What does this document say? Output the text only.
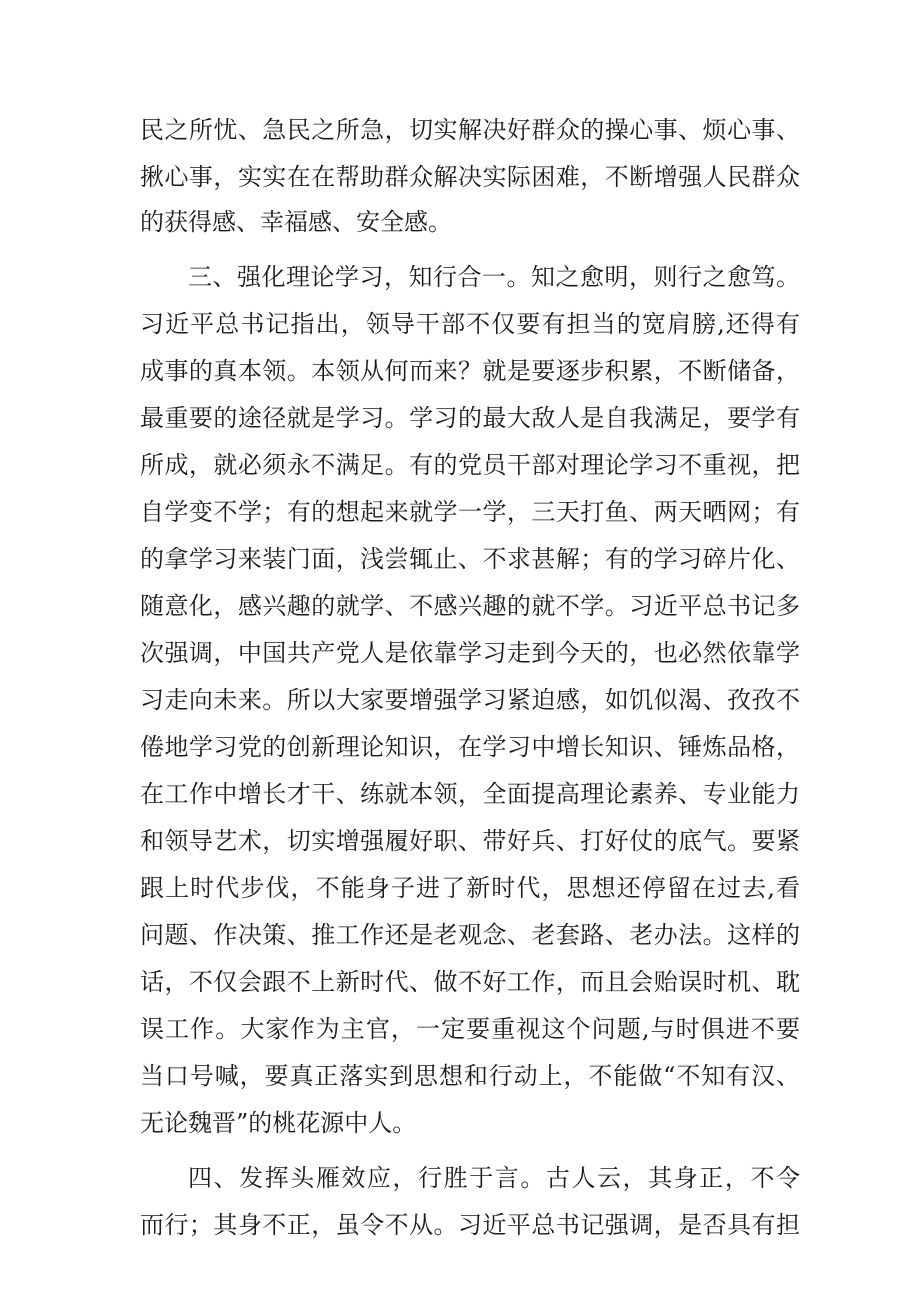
民之所忧、急民之所急，切实解决好群众的操心事、烦心事、
揪心事，实实在在帮助群众解决实际困难，不断增强人民群众
的获得感、幸福感、安全感。
三、强化理论学习，知行合一。知之愈明，则行之愈笃。
习近平总书记指出，领导干部不仅要有担当的宽肩膀,还得有
成事的真本领。本领从何而来？就是要逐步积累，不断储备，
最重要的途径就是学习。学习的最大敌人是自我满足，要学有
所成，就必须永不满足。有的党员干部对理论学习不重视，把
自学变不学；有的想起来就学一学，三天打鱼、两天晒网；有
的拿学习来装门面，浅尝辄止、不求甚解；有的学习碎片化、
随意化，感兴趣的就学、不感兴趣的就不学。习近平总书记多
次强调，中国共产党人是依靠学习走到今天的，也必然依靠学
习走向未来。所以大家要增强学习紧迫感，如饥似渴、孜孜不
倦地学习党的创新理论知识，在学习中增长知识、锤炼品格，
在工作中增长才干、练就本领，全面提高理论素养、专业能力
和领导艺术，切实增强履好职、带好兵、打好仗的底气。要紧
跟上时代步伐，不能身子进了新时代，思想还停留在过去,看
问题、作决策、推工作还是老观念、老套路、老办法。这样的
话，不仅会跟不上新时代、做不好工作，而且会贻误时机、耽
误工作。大家作为主官，一定要重视这个问题,与时俱进不要
当口号喊，要真正落实到思想和行动上，不能做“不知有汉、
无论魏晋”的桃花源中人。
四、发挥头雁效应，行胜于言。古人云，其身正，不令
而行；其身不正，虽令不从。习近平总书记强调，是否具有担
